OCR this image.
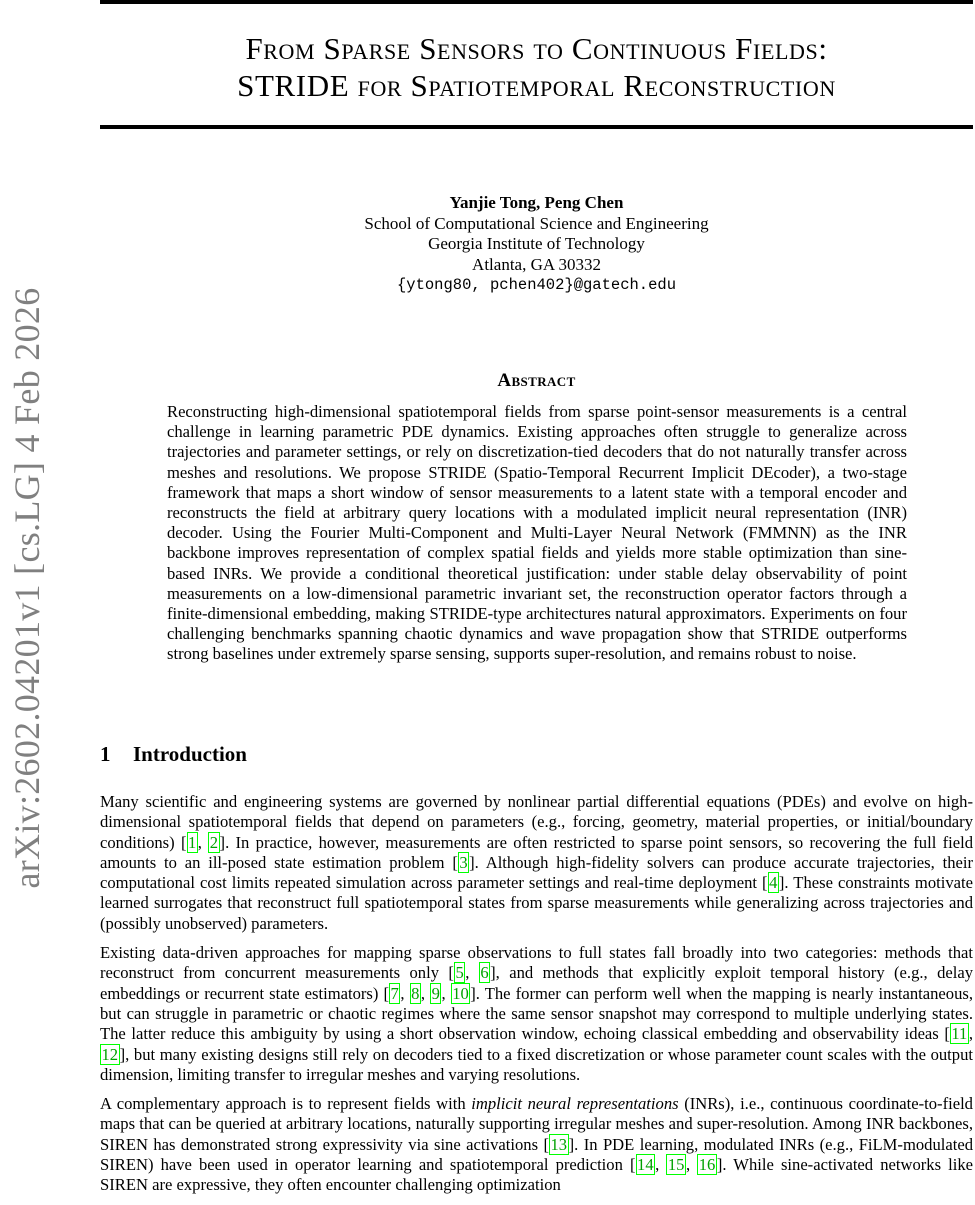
arXiv:2602.04201v1 [cs.LG] 4 Feb 2026
From Sparse Sensors to Continuous Fields:
STRIDE for Spatiotemporal Reconstruction
Yanjie Tong, Peng Chen
School of Computational Science and Engineering
Georgia Institute of Technology
Atlanta, GA 30332
{ytong80, pchen402}@gatech.edu
Abstract
Reconstructing high-dimensional spatiotemporal fields from sparse point-sensor measurements is a central challenge in learning parametric PDE dynamics. Existing approaches often struggle to generalize across trajectories and parameter settings, or rely on discretization-tied decoders that do not naturally transfer across meshes and resolutions. We propose STRIDE (Spatio-Temporal Recurrent Implicit DEcoder), a two-stage framework that maps a short window of sensor measurements to a latent state with a temporal encoder and reconstructs the field at arbitrary query locations with a modulated implicit neural representation (INR) decoder. Using the Fourier Multi-Component and Multi-Layer Neural Network (FMMNN) as the INR backbone improves representation of complex spatial fields and yields more stable optimization than sine-based INRs. We provide a conditional theoretical justification: under stable delay observability of point measurements on a low-dimensional parametric invariant set, the reconstruction operator factors through a finite-dimensional embedding, making STRIDE-type architectures natural approximators. Experiments on four challenging benchmarks spanning chaotic dynamics and wave propagation show that STRIDE outperforms strong baselines under extremely sparse sensing, supports super-resolution, and remains robust to noise.
1 Introduction

Many scientific and engineering systems are governed by nonlinear partial differential equations (PDEs) and evolve on high-dimensional spatiotemporal fields that depend on parameters (e.g., forcing, geometry, material properties, or initial/boundary conditions) [1, 2]. In practice, however, measurements are often restricted to sparse point sensors, so recovering the full field amounts to an ill-posed state estimation problem [3]. Although high-fidelity solvers can produce accurate trajectories, their computational cost limits repeated simulation across parameter settings and real-time deployment [4]. These constraints motivate learned surrogates that reconstruct full spatiotemporal states from sparse measurements while generalizing across trajectories and (possibly unobserved) parameters.

Existing data-driven approaches for mapping sparse observations to full states fall broadly into two categories: methods that reconstruct from concurrent measurements only [5, 6], and methods that explicitly exploit temporal history (e.g., delay embeddings or recurrent state estimators) [7, 8, 9, 10]. The former can perform well when the mapping is nearly instantaneous, but can struggle in parametric or chaotic regimes where the same sensor snapshot may correspond to multiple underlying states. The latter reduce this ambiguity by using a short observation window, echoing classical embedding and observability ideas [11, 12], but many existing designs still rely on decoders tied to a fixed discretization or whose parameter count scales with the output dimension, limiting transfer to irregular meshes and varying resolutions.

A complementary approach is to represent fields with implicit neural representations (INRs), i.e., continuous coordinate-to-field maps that can be queried at arbitrary locations, naturally supporting irregular meshes and super-resolution. Among INR backbones, SIREN has demonstrated strong expressivity via sine activations [13]. In PDE learning, modulated INRs (e.g., FiLM-modulated SIREN) have been used in operator learning and spatiotemporal prediction [14, 15, 16]. While sine-activated networks like SIREN are expressive, they often encounter challenging optimization
